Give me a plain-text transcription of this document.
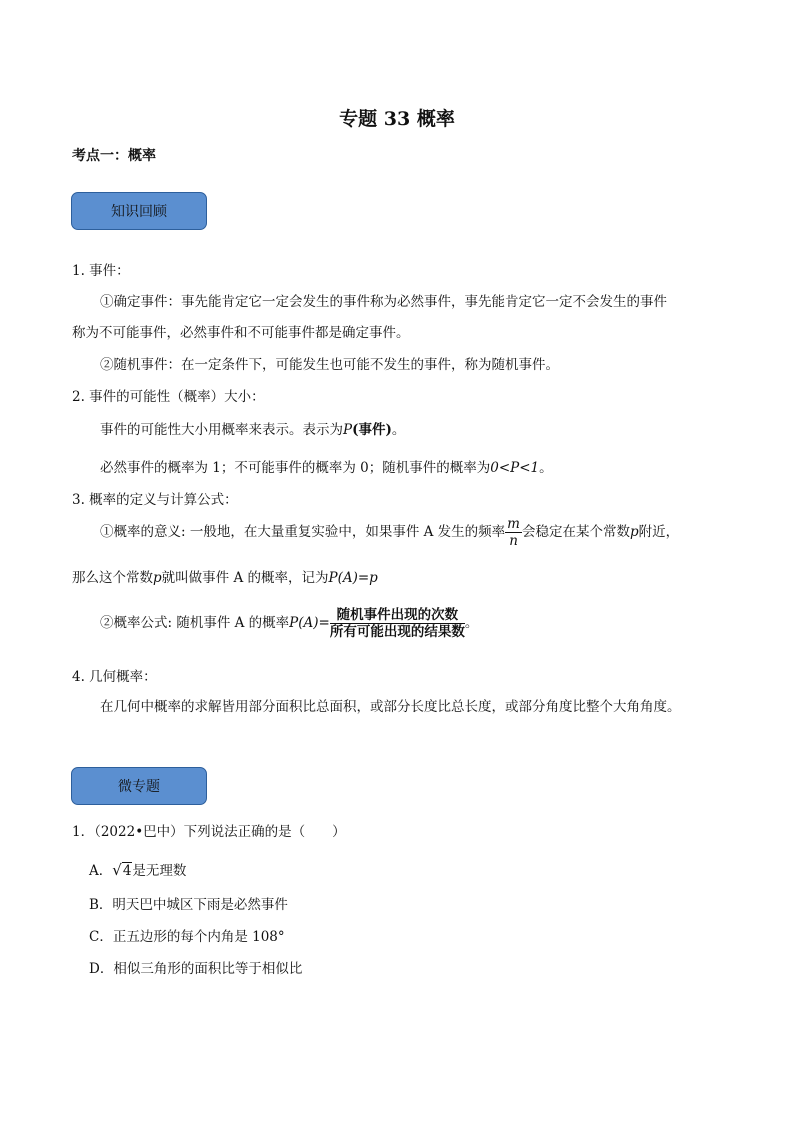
专题 33 概率
考点一：概率
知识回顾
1. 事件：
①确定事件：事先能肯定它一定会发生的事件称为必然事件，事先能肯定它一定不会发生的事件
称为不可能事件，必然事件和不可能事件都是确定事件。
②随机事件：在一定条件下，可能发生也可能不发生的事件，称为随机事件。
2. 事件的可能性（概率）大小：
事件的可能性大小用概率来表示。表示为P(事件)。
必然事件的概率为 1；不可能事件的概率为 0；随机事件的概率为0<P<1。
3. 概率的定义与计算公式：
①概率的意义: 一般地，在大量重复实验中，如果事件 A 发生的频率 $\frac{m}{n}$ 会稳定在某个常数p附近，
那么这个常数p就叫做事件 A 的概率，记为P(A)=p
②概率公式: 随机事件 A 的概率$P(A)= \frac{\text{随机事件出现的次数}}{\text{所有可能出现的结果数}}$ 。
4. 几何概率：
在几何中概率的求解皆用部分面积比总面积，或部分长度比总长度，或部分角度比整个大角角度。
微专题
1．（2022•巴中）下列说法正确的是（　　）
A．√4是无理数
B．明天巴中城区下雨是必然事件
C．正五边形的每个内角是 108°
D．相似三角形的面积比等于相似比
